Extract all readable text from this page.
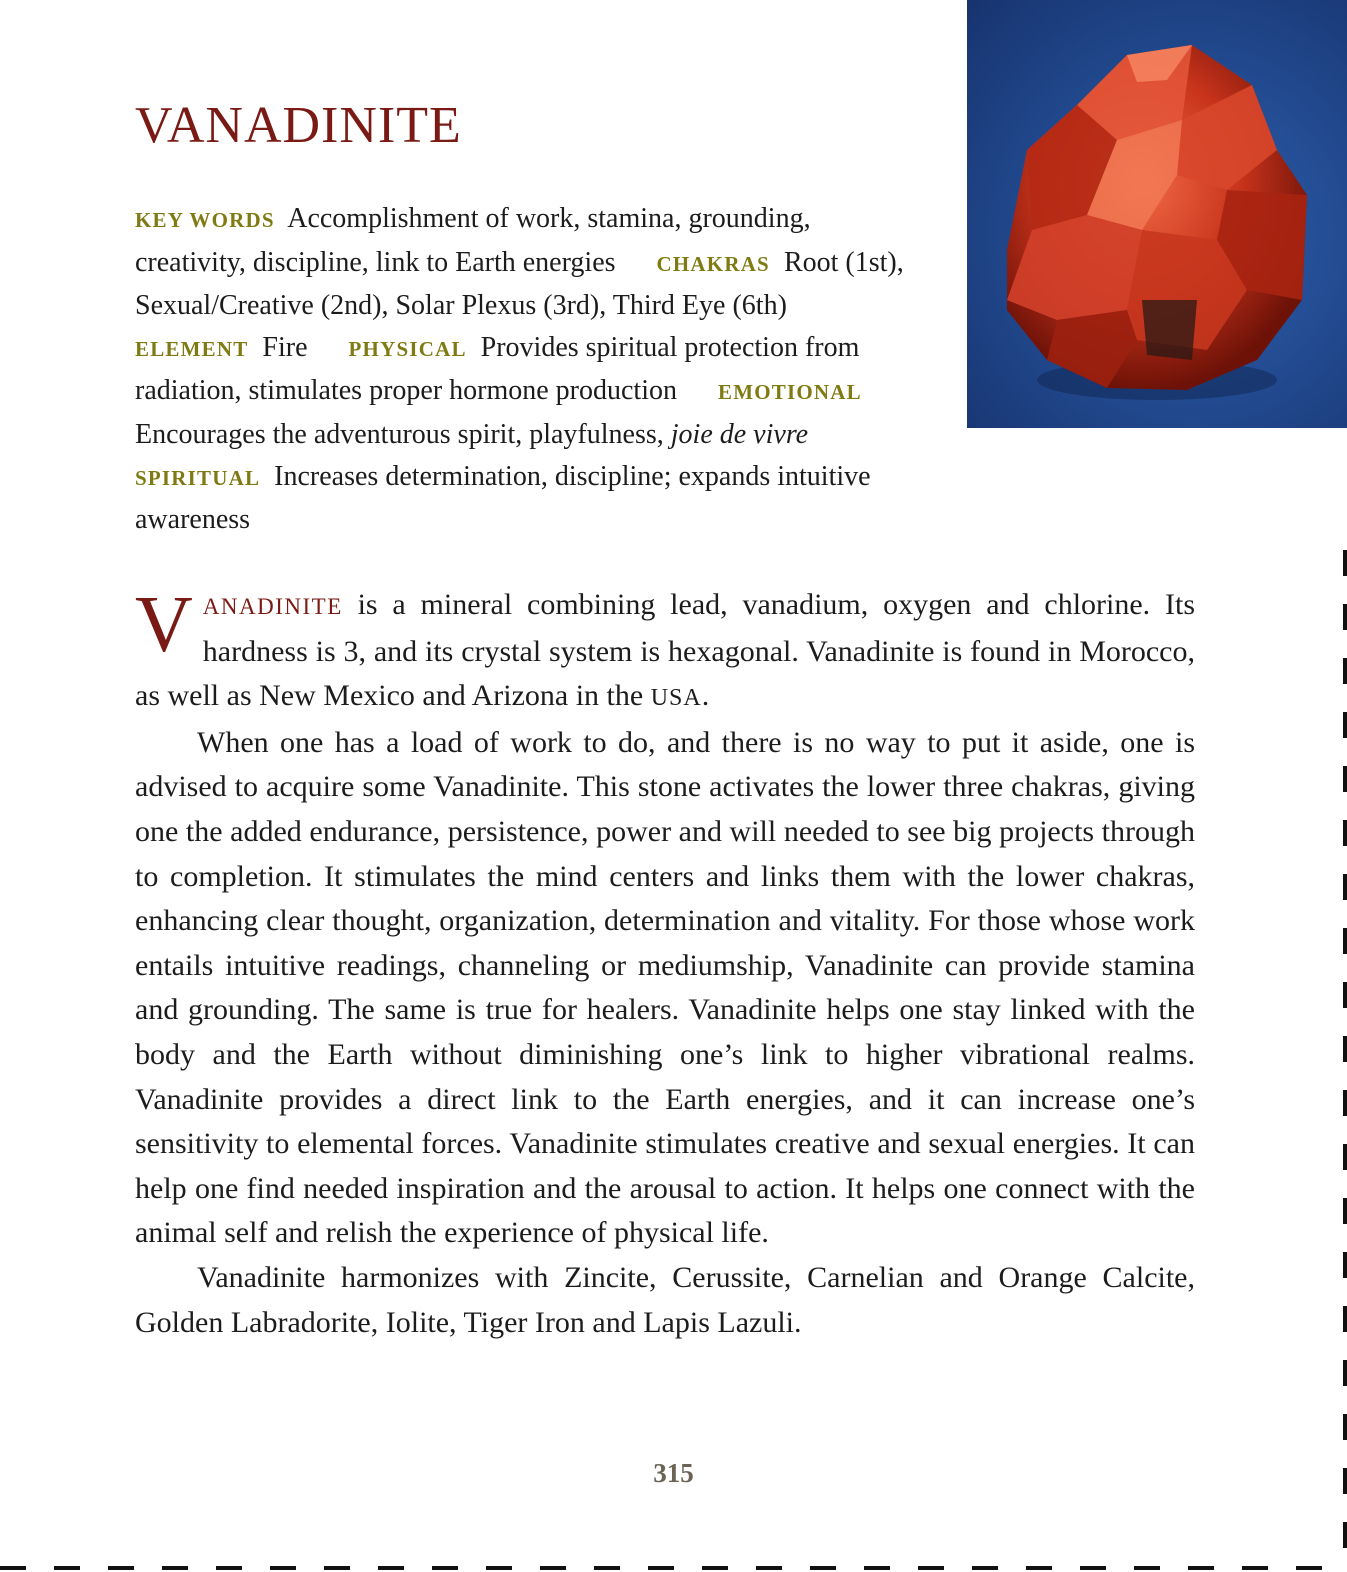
VANADINITE
KEY WORDS Accomplishment of work, stamina, grounding, creativity, discipline, link to Earth energies CHAKRAS Root (1st), Sexual/Creative (2nd), Solar Plexus (3rd), Third Eye (6th) ELEMENT Fire PHYSICAL Provides spiritual protection from radiation, stimulates proper hormone production EMOTIONAL  Encourages the adventurous spirit, playfulness, joie de vivre SPIRITUAL Increases determination, discipline; expands intuitive awareness

VANADINITE is a mineral combining lead, vanadium, oxygen and chlorine. Its hardness is 3, and its crystal system is hexagonal. Vanadinite is found in Morocco, as well as New Mexico and Arizona in the USA.

When one has a load of work to do, and there is no way to put it aside, one is advised to acquire some Vanadinite. This stone activates the lower three chakras, giving one the added endurance, persistence, power and will needed to see big projects through to completion. It stimulates the mind centers and links them with the lower chakras, enhancing clear thought, organization, determination and vitality. For those whose work entails intuitive readings, channeling or mediumship, Vanadinite can provide stamina and grounding. The same is true for healers. Vanadinite helps one stay linked with the body and the Earth without diminishing one’s link to higher vibrational realms. Vanadinite provides a direct link to the Earth energies, and it can increase one’s sensitivity to elemental forces. Vanadinite stimulates creative and sexual energies. It can help one find needed inspiration and the arousal to action. It helps one connect with the animal self and relish the experience of physical life.

Vanadinite harmonizes with Zincite, Cerussite, Carnelian and Orange Calcite, Golden Labradorite, Iolite, Tiger Iron and Lapis Lazuli.

315
